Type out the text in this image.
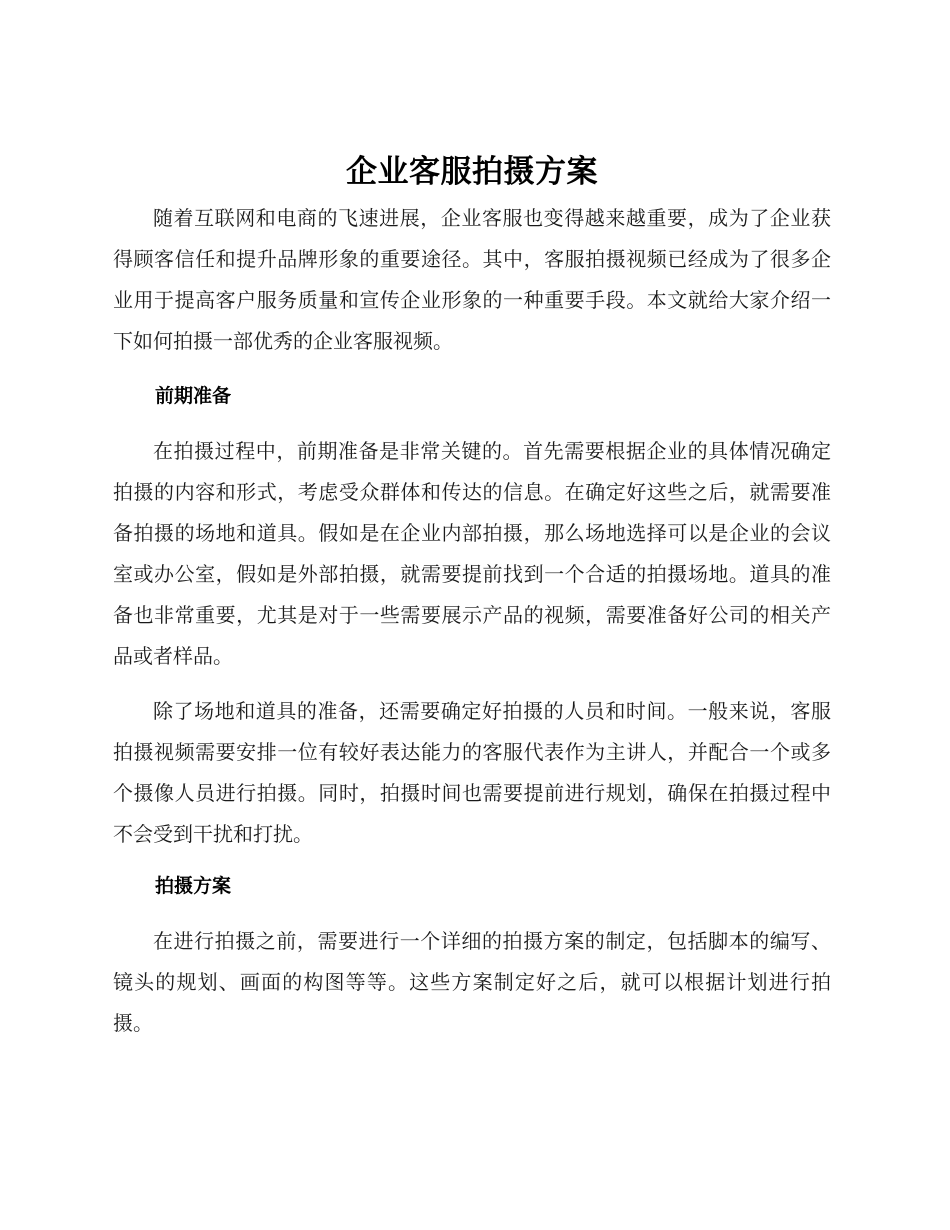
企业客服拍摄方案

随着互联网和电商的飞速进展，企业客服也变得越来越重要，成为了企业获得顾客信任和提升品牌形象的重要途径。其中，客服拍摄视频已经成为了很多企业用于提高客户服务质量和宣传企业形象的一种重要手段。本文就给大家介绍一下如何拍摄一部优秀的企业客服视频。

前期准备

在拍摄过程中，前期准备是非常关键的。首先需要根据企业的具体情况确定拍摄的内容和形式，考虑受众群体和传达的信息。在确定好这些之后，就需要准备拍摄的场地和道具。假如是在企业内部拍摄，那么场地选择可以是企业的会议室或办公室，假如是外部拍摄，就需要提前找到一个合适的拍摄场地。道具的准备也非常重要，尤其是对于一些需要展示产品的视频，需要准备好公司的相关产品或者样品。

除了场地和道具的准备，还需要确定好拍摄的人员和时间。一般来说，客服拍摄视频需要安排一位有较好表达能力的客服代表作为主讲人，并配合一个或多个摄像人员进行拍摄。同时，拍摄时间也需要提前进行规划，确保在拍摄过程中不会受到干扰和打扰。

拍摄方案

在进行拍摄之前，需要进行一个详细的拍摄方案的制定，包括脚本的编写、镜头的规划、画面的构图等等。这些方案制定好之后，就可以根据计划进行拍摄。
